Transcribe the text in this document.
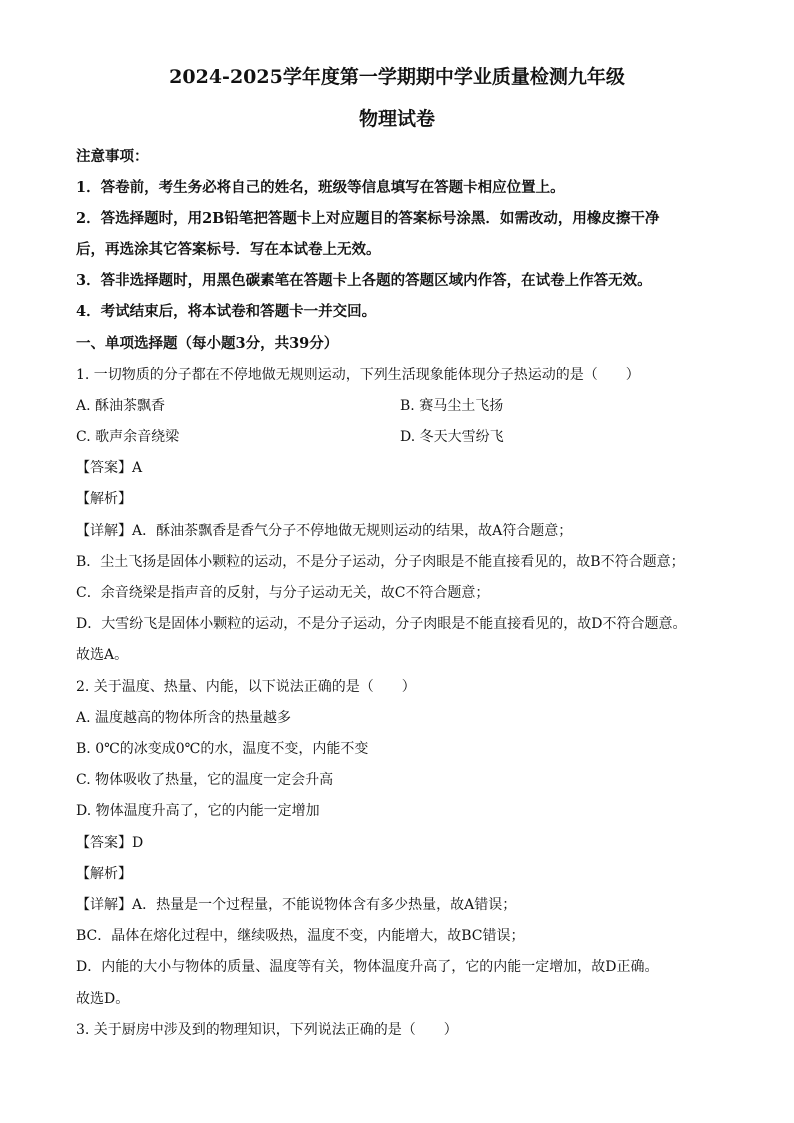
2024-2025学年度第一学期期中学业质量检测九年级
物理试卷
注意事项：
1．答卷前，考生务必将自己的姓名，班级等信息填写在答题卡相应位置上。
2．答选择题时，用2B铅笔把答题卡上对应题目的答案标号涂黑．如需改动，用橡皮擦干净
后，再选涂其它答案标号．写在本试卷上无效。
3．答非选择题时，用黑色碳素笔在答题卡上各题的答题区域内作答，在试卷上作答无效。
4．考试结束后，将本试卷和答题卡一并交回。
一、单项选择题（每小题3分，共39分）
1. 一切物质的分子都在不停地做无规则运动，下列生活现象能体现分子热运动的是（　　）
A. 酥油茶飘香	B. 赛马尘土飞扬
C. 歌声余音绕梁	D. 冬天大雪纷飞
【答案】A
【解析】
【详解】A．酥油茶飘香是香气分子不停地做无规则运动的结果，故A符合题意；
B．尘土飞扬是固体小颗粒的运动，不是分子运动，分子肉眼是不能直接看见的，故B不符合题意；
C．余音绕梁是指声音的反射，与分子运动无关，故C不符合题意；
D．大雪纷飞是固体小颗粒的运动，不是分子运动，分子肉眼是不能直接看见的，故D不符合题意。
故选A。
2. 关于温度、热量、内能，以下说法正确的是（　　）
A. 温度越高的物体所含的热量越多
B. 0℃的冰变成0℃的水，温度不变，内能不变
C. 物体吸收了热量，它的温度一定会升高
D. 物体温度升高了，它的内能一定增加
【答案】D
【解析】
【详解】A．热量是一个过程量，不能说物体含有多少热量，故A错误；
BC．晶体在熔化过程中，继续吸热，温度不变，内能增大，故BC错误；
D．内能的大小与物体的质量、温度等有关，物体温度升高了，它的内能一定增加，故D正确。
故选D。
3. 关于厨房中涉及到的物理知识，下列说法正确的是（　　）
